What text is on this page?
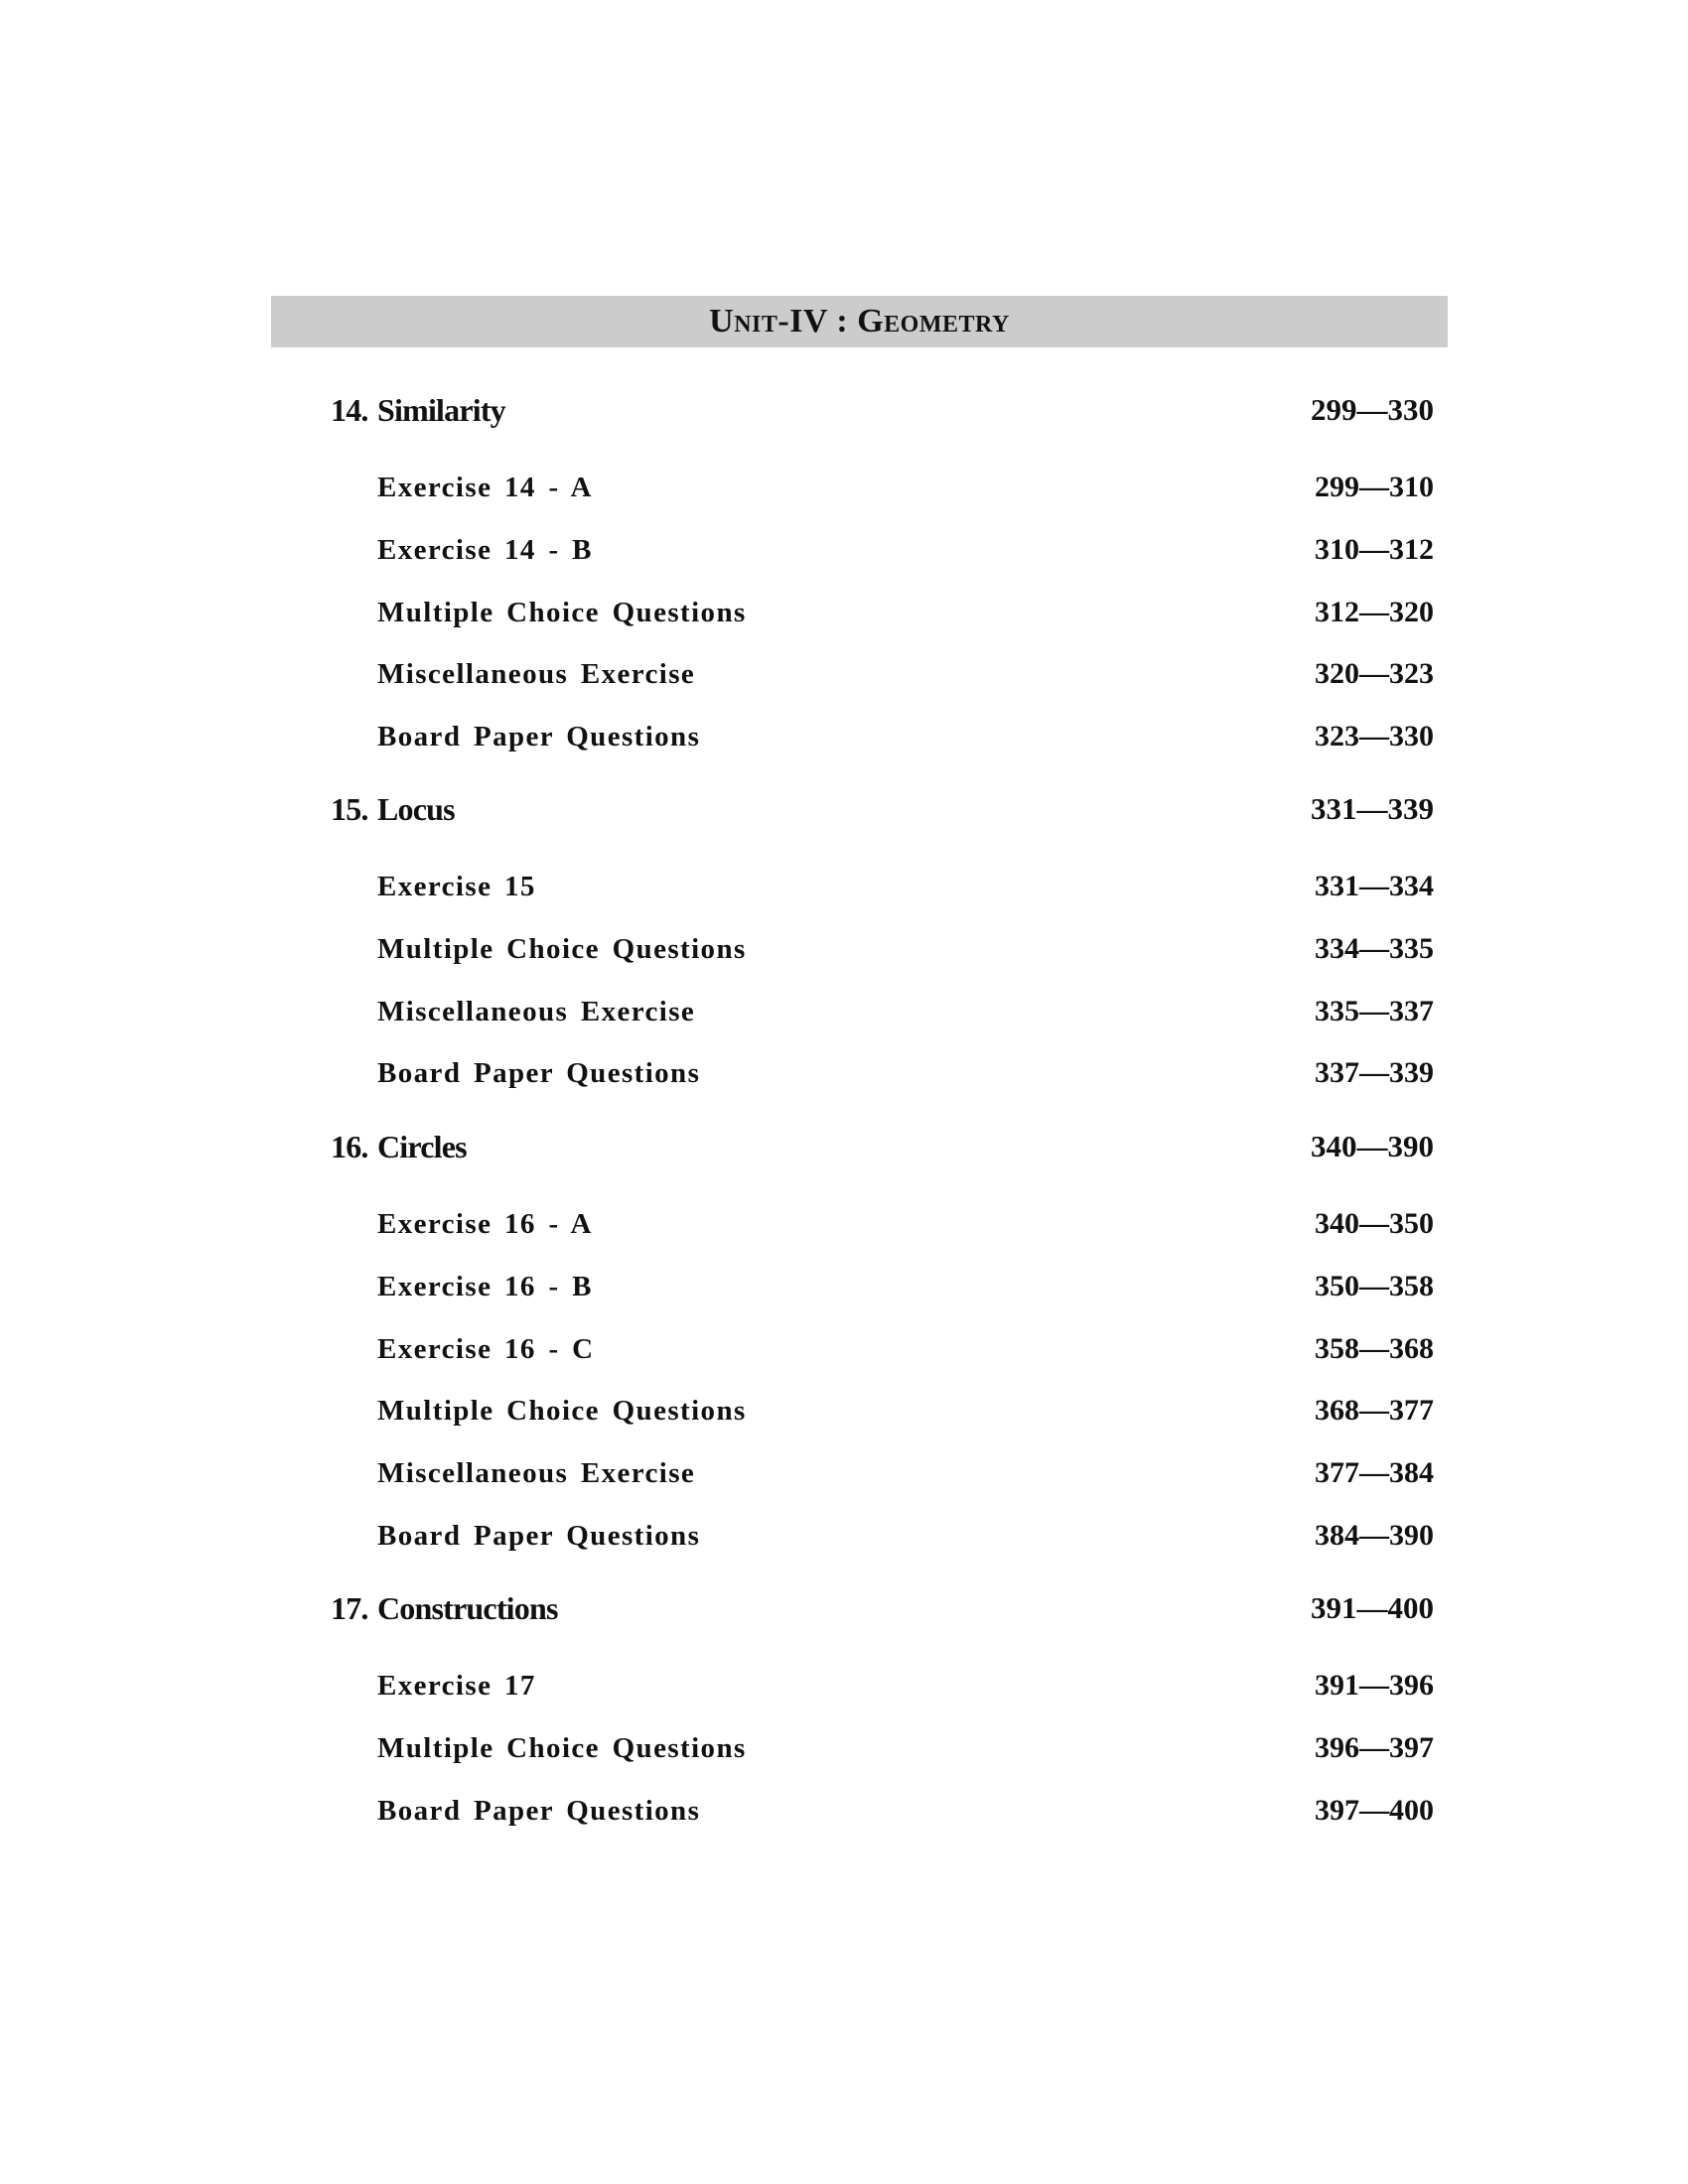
Unit-IV : Geometry
14. Similarity	299—330
Exercise 14 - A	299—310
Exercise 14 - B	310—312
Multiple Choice Questions	312—320
Miscellaneous Exercise	320—323
Board Paper Questions	323—330
15. Locus	331—339
Exercise 15	331—334
Multiple Choice Questions	334—335
Miscellaneous Exercise	335—337
Board Paper Questions	337—339
16. Circles	340—390
Exercise 16 - A	340—350
Exercise 16 - B	350—358
Exercise 16 - C	358—368
Multiple Choice Questions	368—377
Miscellaneous Exercise	377—384
Board Paper Questions	384—390
17. Constructions	391—400
Exercise 17	391—396
Multiple Choice Questions	396—397
Board Paper Questions	397—400
